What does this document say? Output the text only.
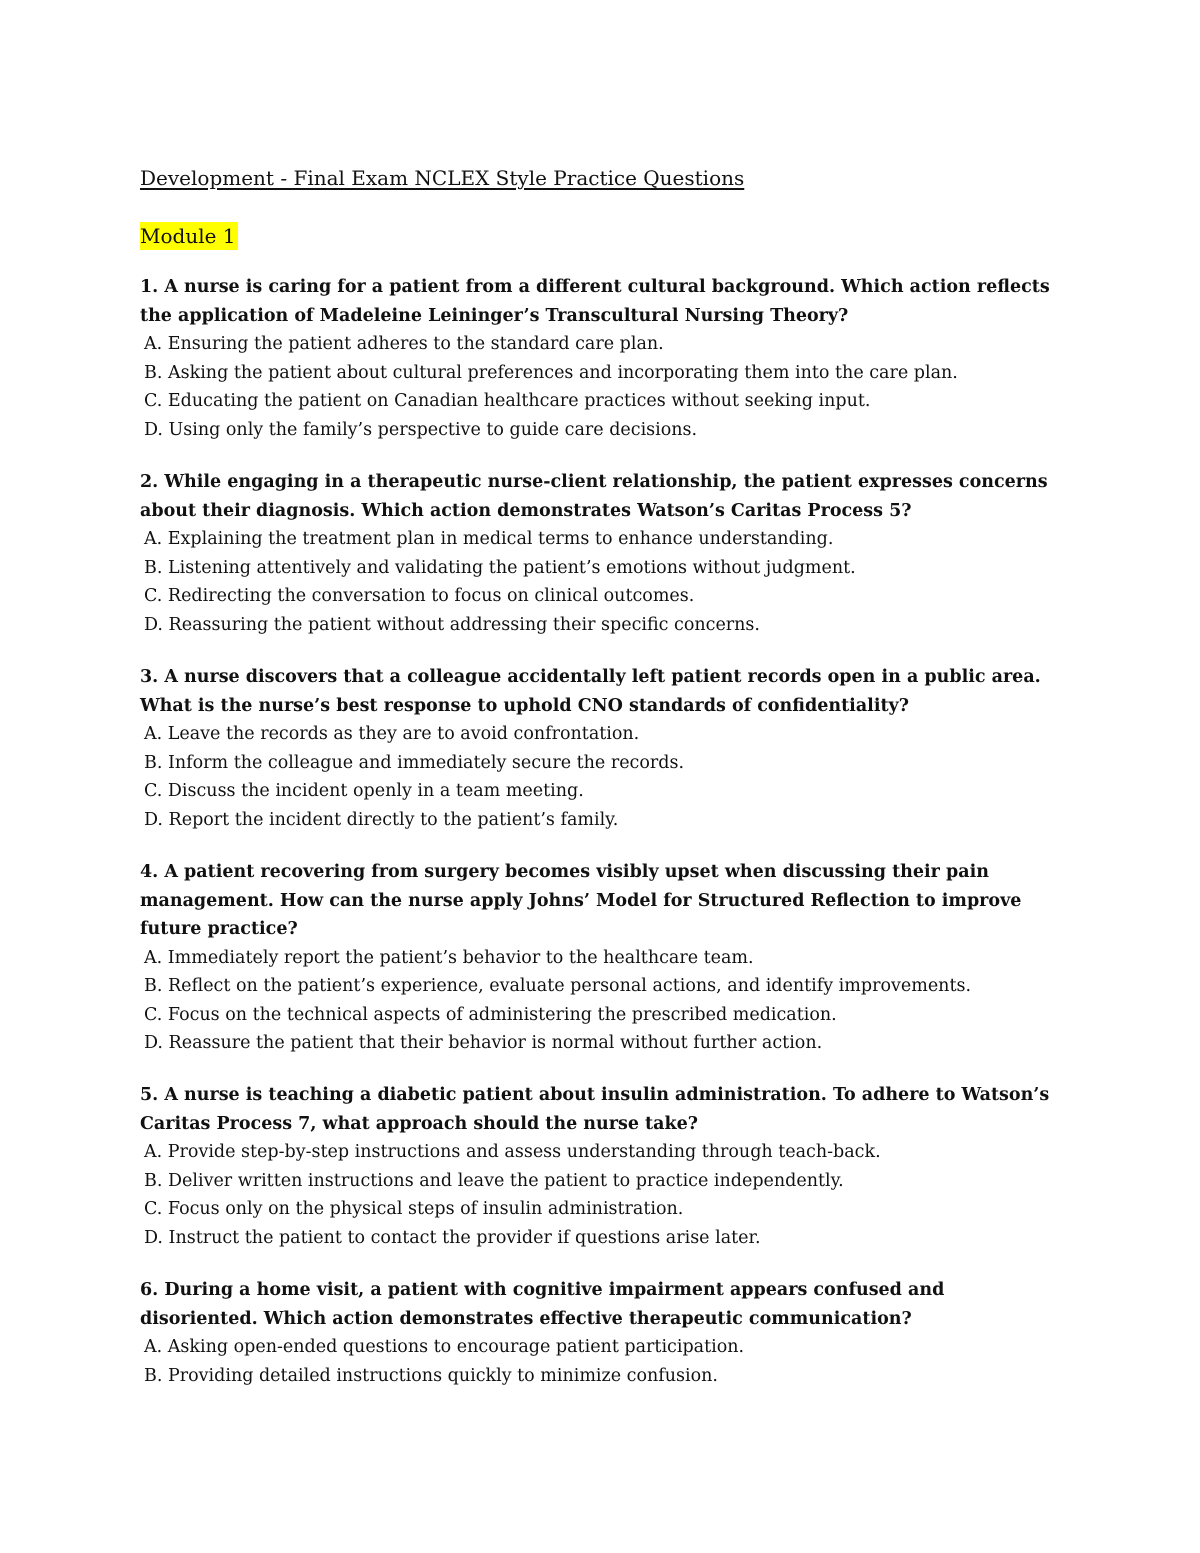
Development - Final Exam NCLEX Style Practice Questions
Module 1

1. A nurse is caring for a patient from a different cultural background. Which action reflects the application of Madeleine Leininger’s Transcultural Nursing Theory?

A. Ensuring the patient adheres to the standard care plan.
B. Asking the patient about cultural preferences and incorporating them into the care plan.
C. Educating the patient on Canadian healthcare practices without seeking input.
D. Using only the family’s perspective to guide care decisions.

2. While engaging in a therapeutic nurse-client relationship, the patient expresses concerns about their diagnosis. Which action demonstrates Watson’s Caritas Process 5?

A. Explaining the treatment plan in medical terms to enhance understanding.
B. Listening attentively and validating the patient’s emotions without judgment.
C. Redirecting the conversation to focus on clinical outcomes.
D. Reassuring the patient without addressing their specific concerns.

3. A nurse discovers that a colleague accidentally left patient records open in a public area. What is the nurse’s best response to uphold CNO standards of confidentiality?

A. Leave the records as they are to avoid confrontation.
B. Inform the colleague and immediately secure the records.
C. Discuss the incident openly in a team meeting.
D. Report the incident directly to the patient’s family.

4. A patient recovering from surgery becomes visibly upset when discussing their pain management. How can the nurse apply Johns’ Model for Structured Reflection to improve future practice?

A. Immediately report the patient’s behavior to the healthcare team.
B. Reflect on the patient’s experience, evaluate personal actions, and identify improvements.
C. Focus on the technical aspects of administering the prescribed medication.
D. Reassure the patient that their behavior is normal without further action.

5. A nurse is teaching a diabetic patient about insulin administration. To adhere to Watson’s Caritas Process 7, what approach should the nurse take?

A. Provide step-by-step instructions and assess understanding through teach-back.
B. Deliver written instructions and leave the patient to practice independently.
C. Focus only on the physical steps of insulin administration.
D. Instruct the patient to contact the provider if questions arise later.

6. During a home visit, a patient with cognitive impairment appears confused and disoriented. Which action demonstrates effective therapeutic communication?

A. Asking open-ended questions to encourage patient participation.
B. Providing detailed instructions quickly to minimize confusion.
